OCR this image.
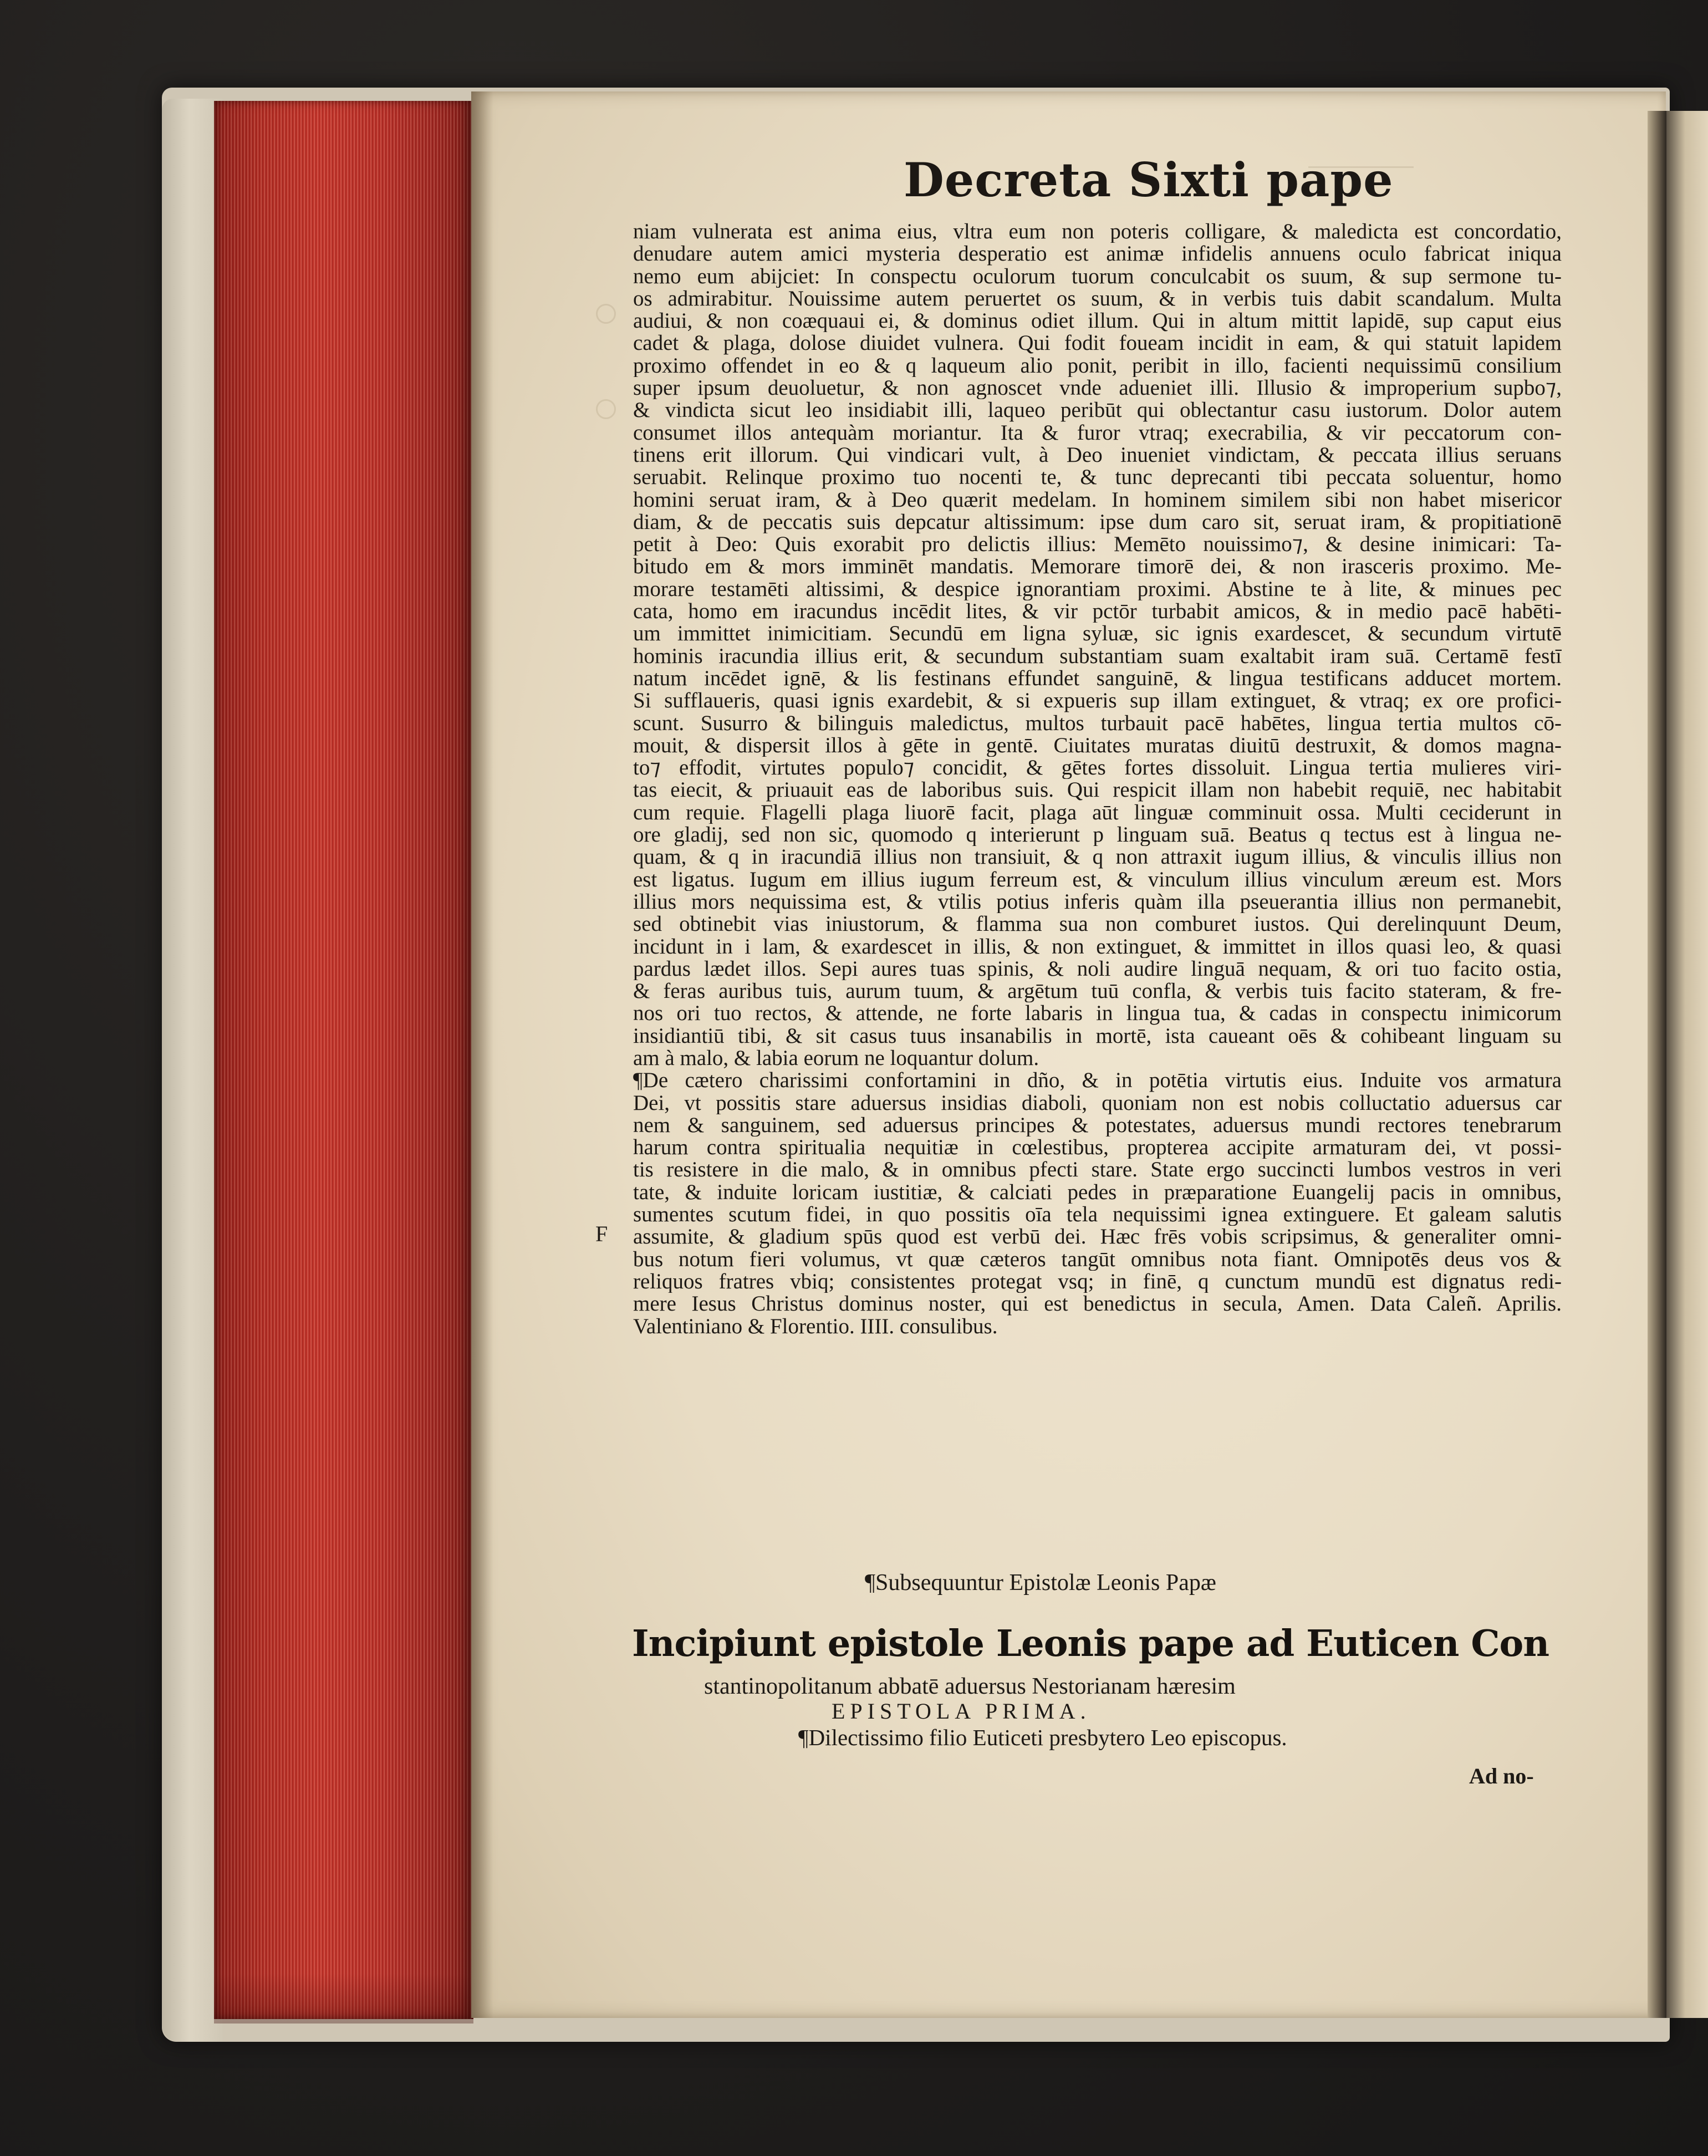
Decreta Sixti pape
niam vulnerata est anima eius, vltra eum non poteris colligare, & maledicta est concordatio,
denudare autem amici mysteria desperatio est animæ infidelis annuens oculo fabricat iniqua
nemo eum abijciet: In conspectu oculorum tuorum conculcabit os suum, & sup sermone tu-
os admirabitur. Nouissime autem peruertet os suum, & in verbis tuis dabit scandalum. Multa
audiui, & non coæquaui ei, & dominus odiet illum. Qui in altum mittit lapidē, sup caput eius
cadet & plaga, dolose diuidet vulnera. Qui fodit foueam incidit in eam, & qui statuit lapidem
proximo offendet in eo & q laqueum alio ponit, peribit in illo, facienti nequissimū consilium
super ipsum deuoluetur, & non agnoscet vnde adueniet illi. Illusio & improperium supbo⁊,
& vindicta sicut leo insidiabit illi, laqueo peribūt qui oblectantur casu iustorum. Dolor autem
consumet illos antequàm moriantur. Ita & furor vtraq; execrabilia, & vir peccatorum con-
tinens erit illorum. Qui vindicari vult, à Deo inueniet vindictam, & peccata illius seruans
seruabit. Relinque proximo tuo nocenti te, & tunc deprecanti tibi peccata soluentur, homo
homini seruat iram, & à Deo quærit medelam. In hominem similem sibi non habet misericor
diam, & de peccatis suis depcatur altissimum: ipse dum caro sit, seruat iram, & propitiationē
petit à Deo: Quis exorabit pro delictis illius: Memēto nouissimo⁊, & desine inimicari: Ta-
bitudo em & mors imminēt mandatis. Memorare timorē dei, & non irasceris proximo. Me-
morare testamēti altissimi, & despice ignorantiam proximi. Abstine te à lite, & minues pec
cata, homo em iracundus incēdit lites, & vir pctōr turbabit amicos, & in medio pacē habēti-
um immittet inimicitiam. Secundū em ligna syluæ, sic ignis exardescet, & secundum virtutē
hominis iracundia illius erit, & secundum substantiam suam exaltabit iram suā. Certamē festī
natum incēdet ignē, & lis festinans effundet sanguinē, & lingua testificans adducet mortem.
Si sufflaueris, quasi ignis exardebit, & si expueris sup illam extinguet, & vtraq; ex ore profici-
scunt. Susurro & bilinguis maledictus, multos turbauit pacē habētes, lingua tertia multos cō-
mouit, & dispersit illos à gēte in gentē. Ciuitates muratas diuitū destruxit, & domos magna-
to⁊ effodit, virtutes populo⁊ concidit, & gētes fortes dissoluit. Lingua tertia mulieres viri-
tas eiecit, & priuauit eas de laboribus suis. Qui respicit illam non habebit requiē, nec habitabit
cum requie. Flagelli plaga liuorē facit, plaga aūt linguæ comminuit ossa. Multi ceciderunt in
ore gladij, sed non sic, quomodo q interierunt p linguam suā. Beatus q tectus est à lingua ne-
quam, & q in iracundiā illius non transiuit, & q non attraxit iugum illius, & vinculis illius non
est ligatus. Iugum em illius iugum ferreum est, & vinculum illius vinculum æreum est. Mors
illius mors nequissima est, & vtilis potius inferis quàm illa pseuerantia illius non permanebit,
sed obtinebit vias iniustorum, & flamma sua non comburet iustos. Qui derelinquunt Deum,
incidunt in i lam, & exardescet in illis, & non extinguet, & immittet in illos quasi leo, & quasi
pardus lædet illos. Sepi aures tuas spinis, & noli audire linguā nequam, & ori tuo facito ostia,
& feras auribus tuis, aurum tuum, & argētum tuū confla, & verbis tuis facito stateram, & fre-
nos ori tuo rectos, & attende, ne forte labaris in lingua tua, & cadas in conspectu inimicorum
insidiantiū tibi, & sit casus tuus insanabilis in mortē, ista caueant oēs & cohibeant linguam su
am à malo, & labia eorum ne loquantur dolum.
¶De cætero charissimi confortamini in dño, & in potētia virtutis eius. Induite vos armatura
Dei, vt possitis stare aduersus insidias diaboli, quoniam non est nobis colluctatio aduersus car
nem & sanguinem, sed aduersus principes & potestates, aduersus mundi rectores tenebrarum
harum contra spiritualia nequitiæ in cœlestibus, propterea accipite armaturam dei, vt possi-
tis resistere in die malo, & in omnibus pfecti stare. State ergo succincti lumbos vestros in veri
tate, & induite loricam iustitiæ, & calciati pedes in præparatione Euangelij pacis in omnibus,
sumentes scutum fidei, in quo possitis oīa tela nequissimi ignea extinguere. Et galeam salutis
assumite, & gladium spūs quod est verbū dei. Hæc frēs vobis scripsimus, & generaliter omni-
bus notum fieri volumus, vt quæ cæteros tangūt omnibus nota fiant. Omnipotēs deus vos &
reliquos fratres vbiq; consistentes protegat vsq; in finē, q cunctum mundū est dignatus redi-
mere Iesus Christus dominus noster, qui est benedictus in secula, Amen. Data Caleñ. Aprilis.
Valentiniano & Florentio. IIII. consulibus.
F
¶Subsequuntur Epistolæ Leonis Papæ
Incipiunt epistole Leonis pape ad Euticen Con
stantinopolitanum abbatē aduersus Nestorianam hæresim
EPISTOLA PRIMA.
¶Dilectissimo filio Euticeti presbytero Leo episcopus.
Ad no-
